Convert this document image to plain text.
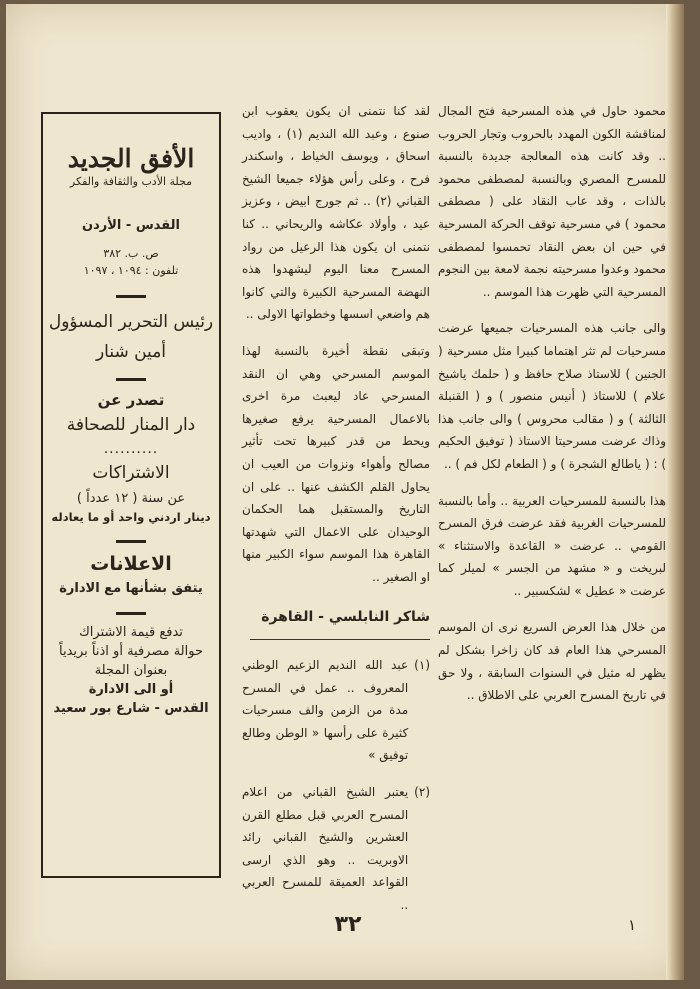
محمود حاول في هذه المسرحية فتح المجال لمناقشة الكون المهدد بالحروب وتجار الحروب .. وقد كانت هذه المعالجة جديدة بالنسبة للمسرح المصري وبالنسبة لمصطفى محمود بالذات ، وقد عاب النقاد على ( مصطفى محمود ) في مسرحية توقف الحركة المسرحية في حين ان بعض النقاد تحمسوا لمصطفى محمود وعدوا مسرحيته نجمة لامعة بين النجوم المسرحية التي ظهرت هذا الموسم ..

والى جانب هذه المسرحيات جميعها عرضت مسرحيات لم تثر اهتماما كبيرا مثل مسرحية ( الجنين ) للاستاذ صلاح حافظ و ( حلمك ياشيخ علام ) للاستاذ ( أنيس منصور ) و ( القنبلة الثالثة ) و ( مقالب محروس ) والى جانب هذا وذاك عرضت مسرحيتا الاستاذ ( توفيق الحكيم ) : ( ياطالع الشجرة ) و ( الطعام لكل فم ) ..

هذا بالنسبة للمسرحيات العربية .. وأما بالنسبة للمسرحيات الغربية فقد عرضت فرق المسرح القومي .. عرضت « القاعدة والاستثناء » لبريخت و « مشهد من الجسر » لميلر كما عرضت « عطيل » لشكسبير ..

من خلال هذا العرض السريع نرى ان الموسم المسرحي هذا العام قد كان زاخرا بشكل لم يظهر له مثيل في السنوات السابقة ، ولا حق في تاريخ المسرح العربي على الاطلاق ..

لقد كنا نتمنى ان يكون يعقوب ابن صنوع ، وعبد الله النديم (١) ، واديب اسحاق ، ويوسف الخياط ، واسكندر فرح ، وعلى رأس هؤلاء جميعا الشيخ القباني (٢) .. ثم جورج ابيض ، وعزيز عيد ، وأولاد عكاشه والريحاني .. كنا نتمنى ان يكون هذا الرعيل من رواد المسرح معنا اليوم ليشهدوا هذه النهضة المسرحية الكبيرة والتي كانوا هم واضعي اسسها وخطواتها الاولى ..

وتبقى نقطة أخيرة بالنسبة لهذا الموسم المسرحي وهي ان النقد المسرحي عاد ليعبث مرة اخرى بالاعمال المسرحية يرفع صغيرها ويحط من قدر كبيرها تحت تأثير مصالح وأهواء ونزوات من العيب ان يحاول القلم الكشف عنها .. على ان التاريخ والمستقبل هما الحكمان الوحيدان على الاعمال التي شهدتها القاهرة هذا الموسم سواء الكبير منها او الصغير ..

شاكر النابلسي - القاهرة
(١)
عبد الله النديم الزعيم الوطني المعروف .. عمل في المسرح مدة من الزمن والف مسرحيات كثيرة على رأسها « الوطن وطالع توفيق »
(٢)
يعتبر الشيخ القباني من اعلام المسرح العربي قبل مطلع القرن العشرين والشيخ القباني رائد الاوبريت .. وهو الذي ارسى القواعد العميقة للمسرح العربي ..
الأفق الجديد
مجلة الأدب والثقافة والفكر
القدس - الأردن
ص. ب. ٣٨٢
تلفون : ١٠٩٤ ، ١٠٩٧
رئيس التحرير المسؤول
أمين شنار
تصدر عن
دار المنار للصحافة
..........
الاشتراكات
عن سنة ( ١٢ عدداً )
دينار اردني واحد أو ما يعادله
الاعلانات
يتفق بشأنها مع الادارة
تدفع قيمة الاشتراك
حوالة مصرفية أو اذناً بريدياً
بعنوان المجلة
أو الى الادارة
القدس - شارع بور سعيد
٣٢	١
